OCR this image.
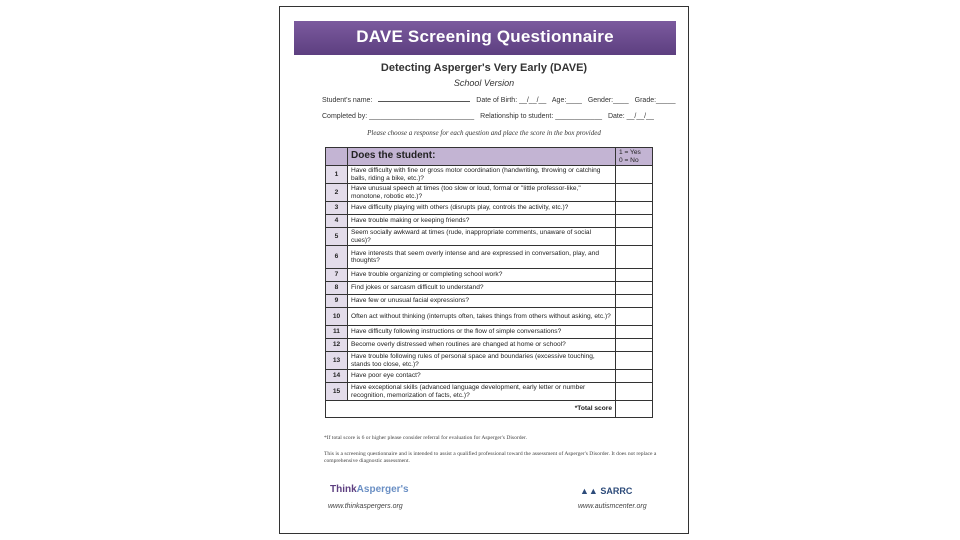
DAVE Screening Questionnaire
Detecting Asperger's Very Early (DAVE)
School Version
Student's name:	Date of Birth: __/__/__ Age:____ Gender:____ Grade:_____
Completed by: ___________________________ Relationship to student: ____________ Date: __/__/__
Please choose a response for each question and place the score in the box provided
	Does the student:	1 = Yes
0 = No

1	Have difficulty with fine or gross motor coordination (handwriting, throwing or catching balls, riding a bike, etc.)?	
2	Have unusual speech at times (too slow or loud, formal or "little professor-like," monotone, robotic etc.)?	
3	Have difficulty playing with others (disrupts play, controls the activity, etc.)?	
4	Have trouble making or keeping friends?	
5	Seem socially awkward at times (rude, inappropriate comments, unaware of social cues)?	
6	Have interests that seem overly intense and are expressed in conversation, play, and thoughts?	
7	Have trouble organizing or completing school work?	
8	Find jokes or sarcasm difficult to understand?	
9	Have few or unusual facial expressions?	
10	Often act without thinking (interrupts often, takes things from others without asking, etc.)?	
11	Have difficulty following instructions or the flow of simple conversations?	
12	Become overly distressed when routines are changed at home or school?	
13	Have trouble following rules of personal space and boundaries (excessive touching, stands too close, etc.)?	
14	Have poor eye contact?	
15	Have exceptional skills (advanced language development, early letter or number recognition, memorization of facts, etc.)?	
*Total score		
*If total score is 6 or higher please consider referral for evaluation for Asperger's Disorder.
This is a screening questionnaire and is intended to assist a qualified professional toward the assessment of Asperger's Disorder. It does not replace a comprehensive diagnostic assessment.
ThinkAsperger's
www.thinkaspergers.org
▲▲ SARRC
www.autismcenter.org
